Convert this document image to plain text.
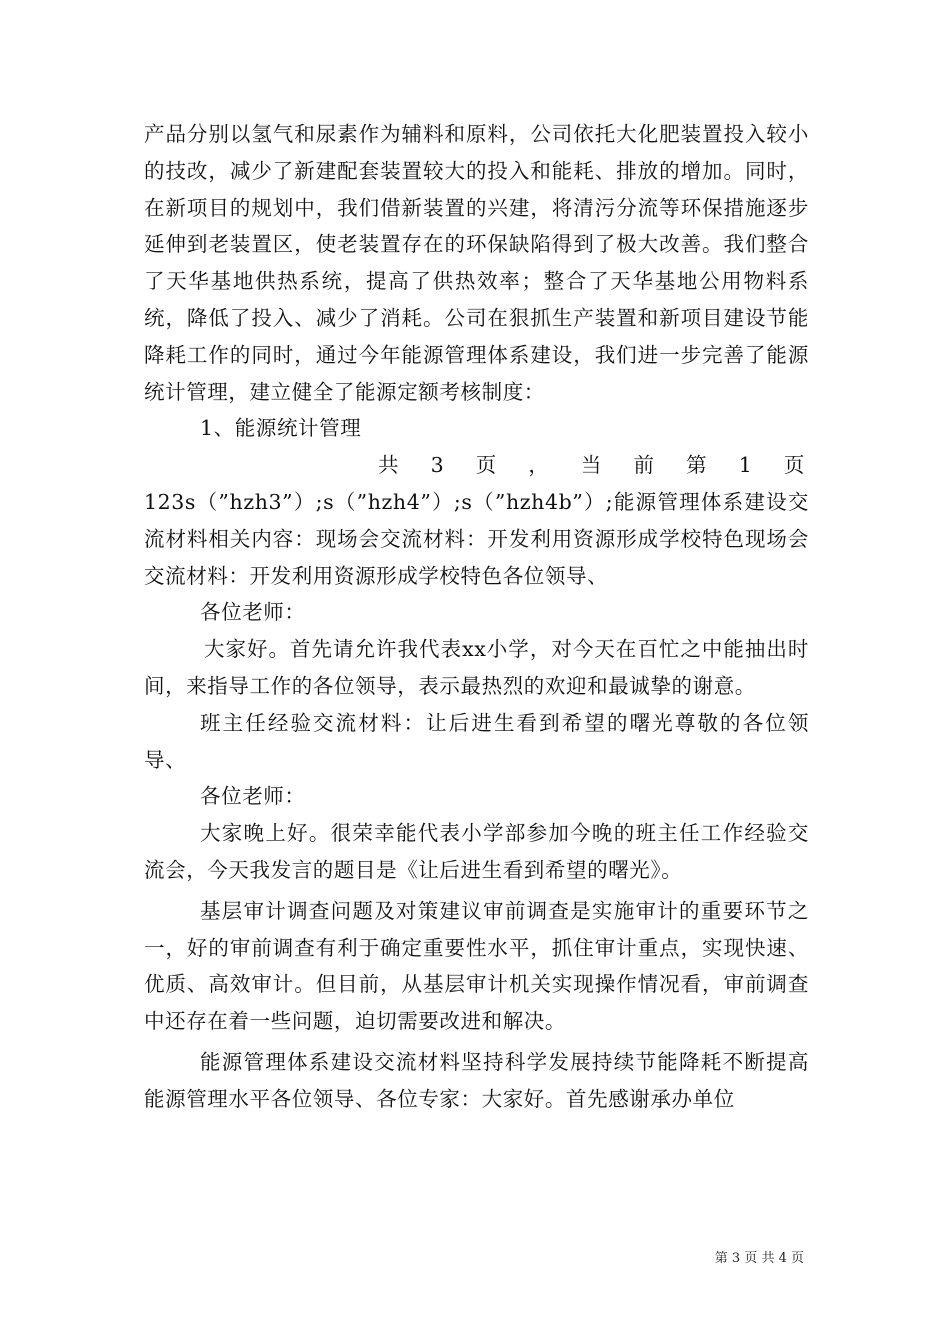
产品分别以氢气和尿素作为辅料和原料，公司依托大化肥装置投入较小的技改，减少了新建配套装置较大的投入和能耗、排放的增加。同时，在新项目的规划中，我们借新装置的兴建，将清污分流等环保措施逐步延伸到老装置区，使老装置存在的环保缺陷得到了极大改善。我们整合了天华基地供热系统，提高了供热效率；整合了天华基地公用物料系统，降低了投入、减少了消耗。公司在狠抓生产装置和新项目建设节能降耗工作的同时，通过今年能源管理体系建设，我们进一步完善了能源统计管理，建立健全了能源定额考核制度：

1、能源统计管理

共 3 页 ， 当 前 第 1 页

123s（”hzh3”）;s（”hzh4”）;s（”hzh4b”）;能源管理体系建设交流材料相关内容：现场会交流材料：开发利用资源形成学校特色现场会交流材料：开发利用资源形成学校特色各位领导、

各位老师：

大家好。首先请允许我代表xx小学，对今天在百忙之中能抽出时间，来指导工作的各位领导，表示最热烈的欢迎和最诚挚的谢意。

班主任经验交流材料：让后进生看到希望的曙光尊敬的各位领导、

各位老师：

大家晚上好。很荣幸能代表小学部参加今晚的班主任工作经验交流会，今天我发言的题目是《让后进生看到希望的曙光》。

基层审计调查问题及对策建议审前调查是实施审计的重要环节之一，好的审前调查有利于确定重要性水平，抓住审计重点，实现快速、优质、高效审计。但目前，从基层审计机关实现操作情况看，审前调查中还存在着一些问题，迫切需要改进和解决。

能源管理体系建设交流材料坚持科学发展持续节能降耗不断提高能源管理水平各位领导、各位专家：大家好。首先感谢承办单位

第 3 页 共 4 页
